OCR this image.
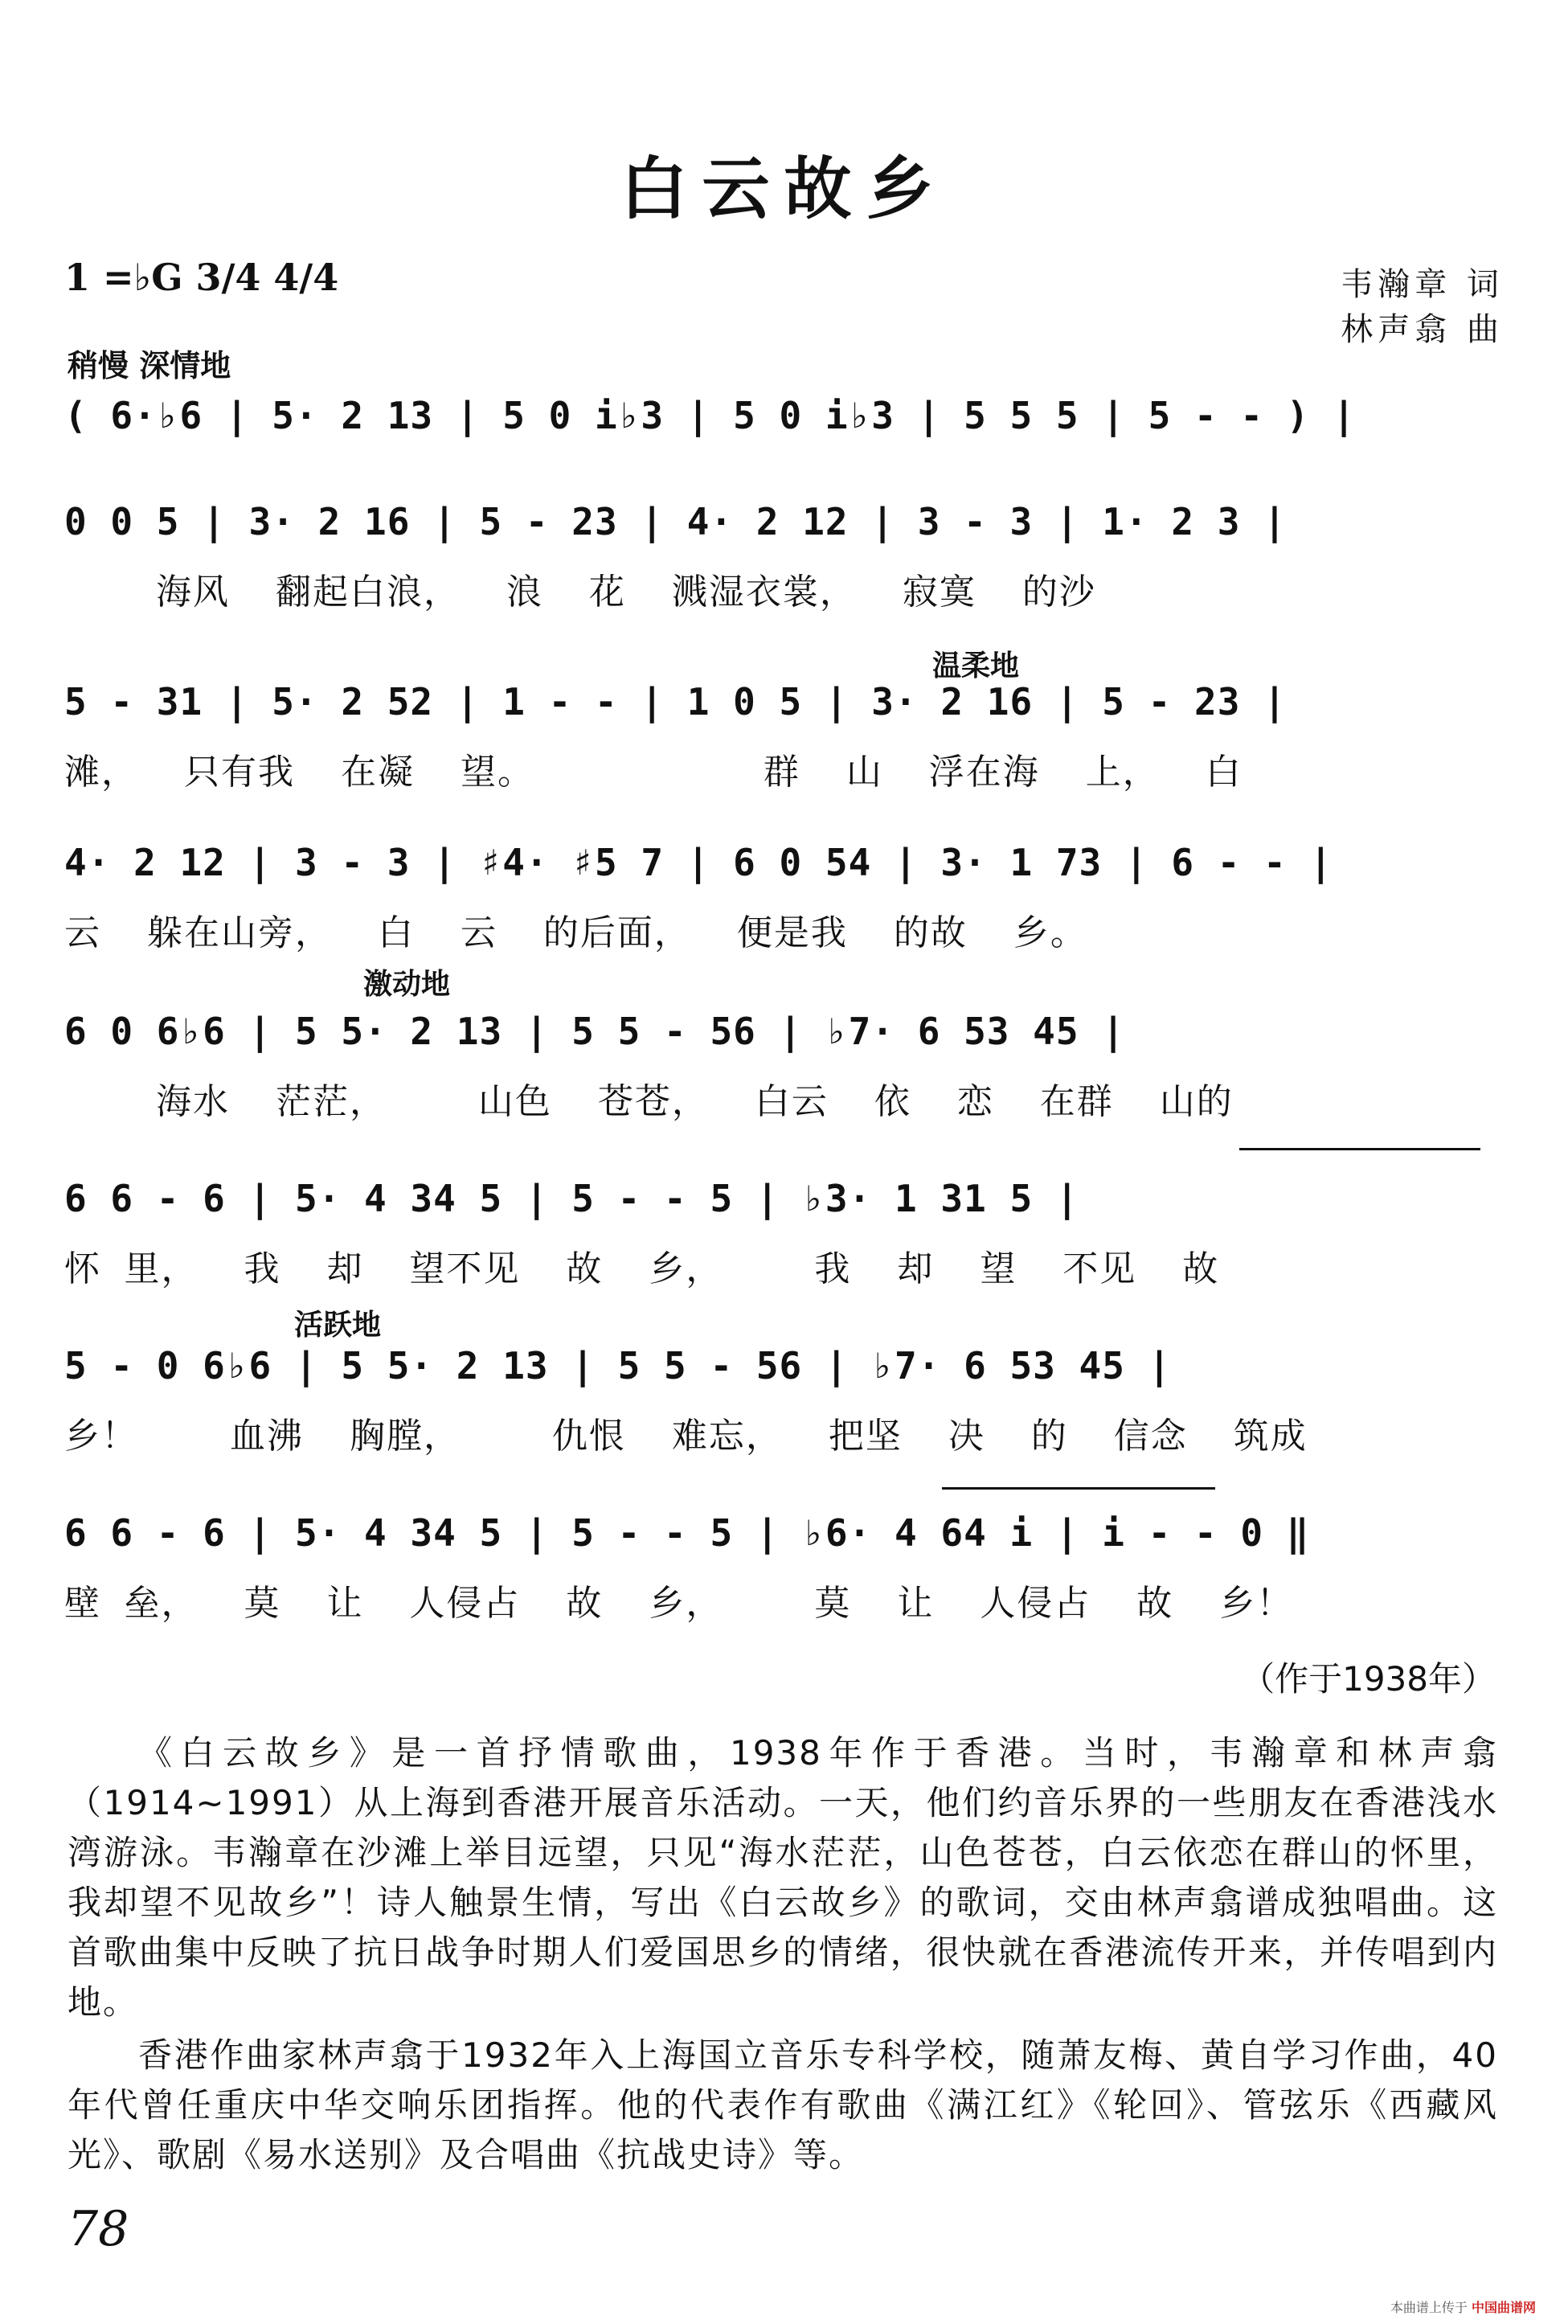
白云故乡
1 =♭G 3/4 4/4	韦瀚章 词
林声翕 曲
稍慢 深情地
( 6·♭6 | 5· 2 13 | 5 0 i♭3 | 5 0 i♭3 | 5 5 5 | 5 - - ) |
0 0 5 | 3· 2 16 | 5 - 23 | 4· 2 12 | 3 - 3 | 1· 2 3 |
海风  翻起白浪，  浪  花  溅湿衣裳，  寂寞  的沙
温柔地
5 - 31 | 5· 2 52 | 1 - - | 1 0 5 | 3· 2 16 | 5 - 23 |
滩，  只有我  在凝  望。          群  山  浮在海  上，  白
4· 2 12 | 3 - 3 | ♯4· ♯5 7 | 6 0 54 | 3· 1 73 | 6 - - |
云  躲在山旁，  白  云  的后面，  便是我  的故  乡。
激动地
6 0 6♭6 | 5 5· 2 13 | 5 5 - 56 | ♭7· 6 53 45 |
海水  茫茫，    山色  苍苍，  白云  依  恋  在群  山的
6 6 - 6 | 5· 4 34 5 | 5 - - 5 | ♭3· 1 31 5 |
怀 里，  我  却  望不见  故  乡，    我  却  望  不见  故
活跃地
5 - 0 6♭6 | 5 5· 2 13 | 5 5 - 56 | ♭7· 6 53 45 |
乡！    血沸  胸膛，    仇恨  难忘，  把坚  决  的  信念  筑成
6 6 - 6 | 5· 4 34 5 | 5 - - 5 | ♭6· 4 64 i | i - - 0 ‖
壁 垒，  莫  让  人侵占  故  乡，    莫  让  人侵占  故  乡！
（作于1938年）
《白云故乡》是一首抒情歌曲，1938年作于香港。当时，韦瀚章和林声翕（1914~1991）从上海到香港开展音乐活动。一天，他们约音乐界的一些朋友在香港浅水湾游泳。韦瀚章在沙滩上举目远望，只见“海水茫茫，山色苍苍，白云依恋在群山的怀里，我却望不见故乡”！诗人触景生情，写出《白云故乡》的歌词，交由林声翕谱成独唱曲。这首歌曲集中反映了抗日战争时期人们爱国思乡的情绪，很快就在香港流传开来，并传唱到内地。
香港作曲家林声翕于1932年入上海国立音乐专科学校，随萧友梅、黄自学习作曲，40年代曾任重庆中华交响乐团指挥。他的代表作有歌曲《满江红》《轮回》、管弦乐《西藏风光》、歌剧《易水送别》及合唱曲《抗战史诗》等。
78
本曲谱上传于 中国曲谱网
